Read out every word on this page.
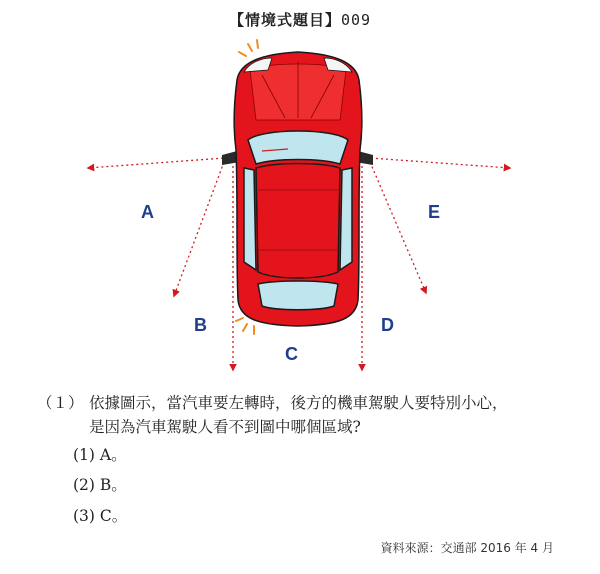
【情境式題目】009
A
B
C
D
E
（１） 依據圖示，當汽車要左轉時，後方的機車駕駛人要特別小心，
是因為汽車駕駛人看不到圖中哪個區域?
(1) A。
(2) B。
(3) C。
資料來源：交通部 2016 年 4 月
